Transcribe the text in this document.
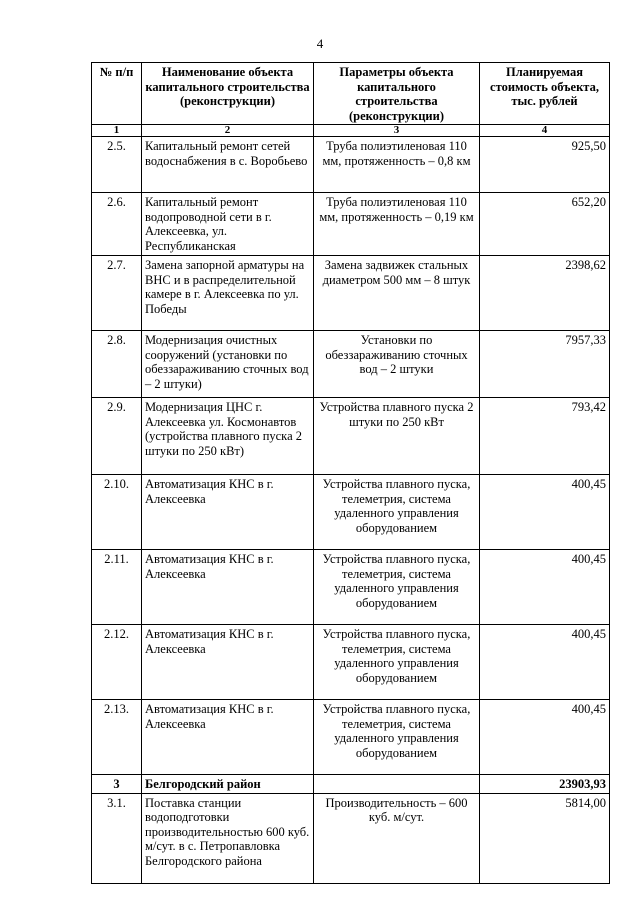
4
№ п/п	Наименование объекта капитального строительства (реконструкции)	Параметры объекта капитального строительства (реконструкции)	Планируемая стоимость объекта, тыс. рублей
1	2	3	4
2.5.	Капитальный ремонт сетей водоснабжения в с. Воробьево	Труба полиэтиленовая 110 мм, протяженность – 0,8 км	925,50
2.6.	Капитальный ремонт водопроводной сети в г. Алексеевка, ул. Республиканская	Труба полиэтиленовая 110 мм, протяженность – 0,19 км	652,20
2.7.	Замена запорной арматуры на ВНС и в распределительной камере в г. Алексеевка по ул. Победы	Замена задвижек стальных диаметром 500 мм – 8 штук	2398,62
2.8.	Модернизация очистных сооружений (установки по обеззараживанию сточных вод – 2 штуки)	Установки по обеззараживанию сточных вод – 2 штуки	7957,33
2.9.	Модернизация ЦНС г. Алексеевка ул. Космонавтов (устройства плавного пуска 2 штуки по 250 кВт)	Устройства плавного пуска 2 штуки по 250 кВт	793,42
2.10.	Автоматизация КНС в г. Алексеевка	Устройства плавного пуска, телеметрия, система удаленного управления оборудованием	400,45
2.11.	Автоматизация КНС в г. Алексеевка	Устройства плавного пуска, телеметрия, система удаленного управления оборудованием	400,45
2.12.	Автоматизация КНС в г. Алексеевка	Устройства плавного пуска, телеметрия, система удаленного управления оборудованием	400,45
2.13.	Автоматизация КНС в г. Алексеевка	Устройства плавного пуска, телеметрия, система удаленного управления оборудованием	400,45
3	Белгородский район		23903,93
3.1.	Поставка станции водоподготовки производительностью 600 куб. м/сут. в с. Петропавловка Белгородского района	Производительность – 600 куб. м/сут.	5814,00
